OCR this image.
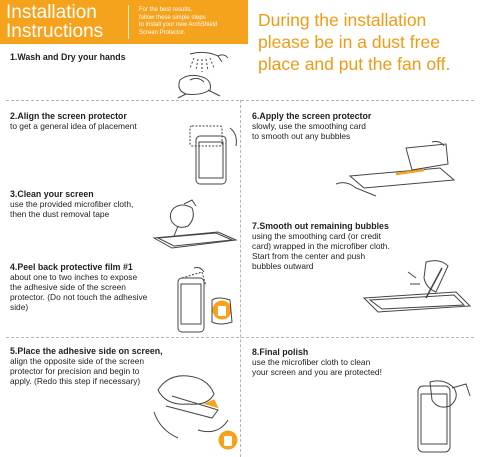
Installation
Instructions
For the best results,
follow these simple steps
to install your new ArchShield
Screen Protector.
During the installation
please be in a dust free
place and put the fan off.
1.Wash and Dry your hands
2.Align the screen protector
to get a general idea of placement
3.Clean your screen
use the provided microfiber cloth,
then the dust removal tape
4.Peel back protective film #1
about one to two inches to expose
the adhesive side of the screen
protector. (Do not touch the adhesive
side)
5.Place the adhesive side on screen,
align the opposite side of the screen
protector for precision and begin to
apply. (Redo this step if necessary)
6.Apply the screen protector
slowly, use the smoothing card
to smooth out any bubbles
7.Smooth out remaining bubbles
using the smoothing card (or credit
card) wrapped in the microfiber cloth.
Start from the center and push
bubbles outward
8.Final polish
use the microfiber cloth to clean
your screen and you are protected!
